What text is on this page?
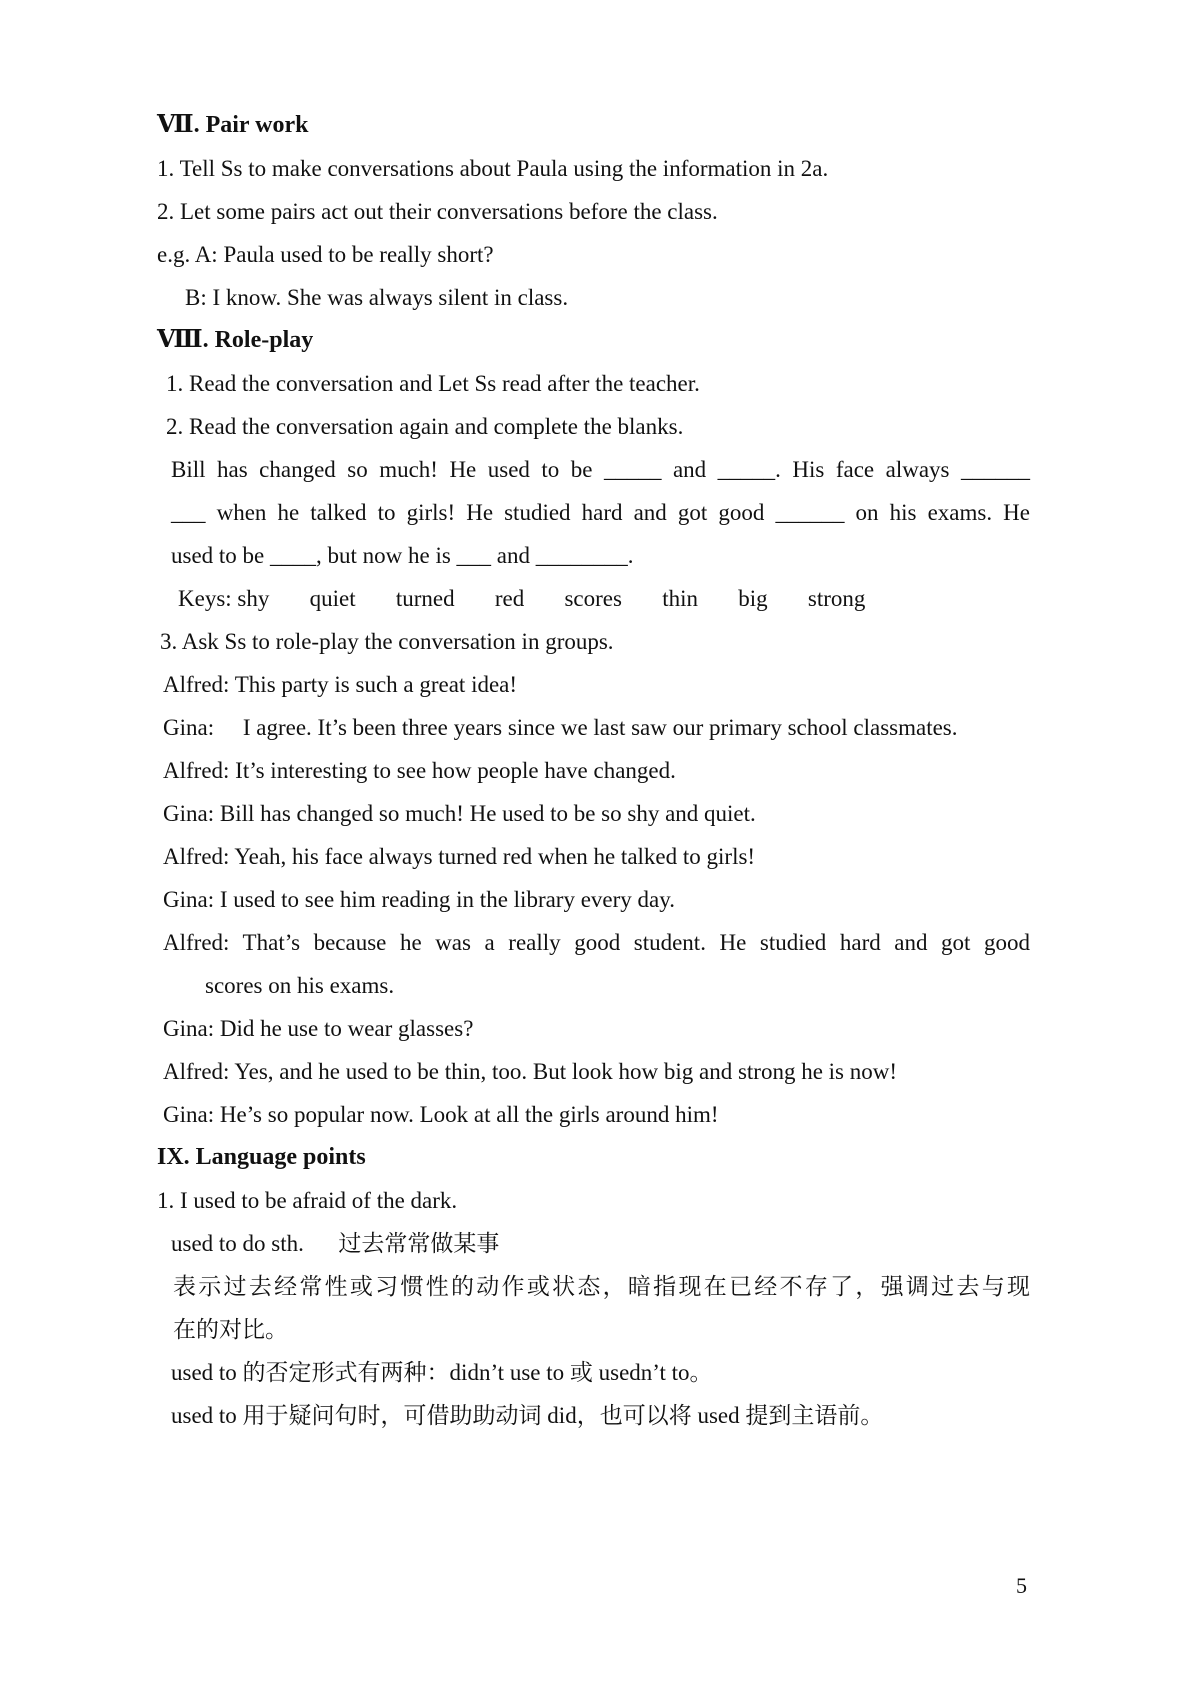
Ⅶ. Pair work
1. Tell Ss to make conversations about Paula using the information in 2a.
2. Let some pairs act out their conversations before the class.
e.g. A: Paula used to be really short?
B: I know. She was always silent in class.
Ⅷ. Role-play
1. Read the conversation and Let Ss read after the teacher.
2. Read the conversation again and complete the blanks.
Bill has changed so much! He used to be _____ and _____. His face always ______
___ when he talked to girls! He studied hard and got good ______ on his exams. He
used to be ____, but now he is ___ and ________.
Keys: shy       quiet       turned       red       scores       thin       big       strong
3. Ask Ss to role-play the conversation in groups.
Alfred: This party is such a great idea!
Gina:     I agree. It’s been three years since we last saw our primary school classmates.
Alfred: It’s interesting to see how people have changed.
Gina: Bill has changed so much! He used to be so shy and quiet.
Alfred: Yeah, his face always turned red when he talked to girls!
Gina: I used to see him reading in the library every day.
Alfred: That’s because he was a really good student. He studied hard and got good
scores on his exams.
Gina: Did he use to wear glasses?
Alfred: Yes, and he used to be thin, too. But look how big and strong he is now!
Gina: He’s so popular now. Look at all the girls around him!
IX. Language points
1. I used to be afraid of the dark.
used to do sth.      过去常常做某事
表示过去经常性或习惯性的动作或状态，暗指现在已经不存了，强调过去与现
在的对比。
used to 的否定形式有两种：didn’t use to 或 usedn’t to。
used to 用于疑问句时，可借助助动词 did，也可以将 used 提到主语前。
5
